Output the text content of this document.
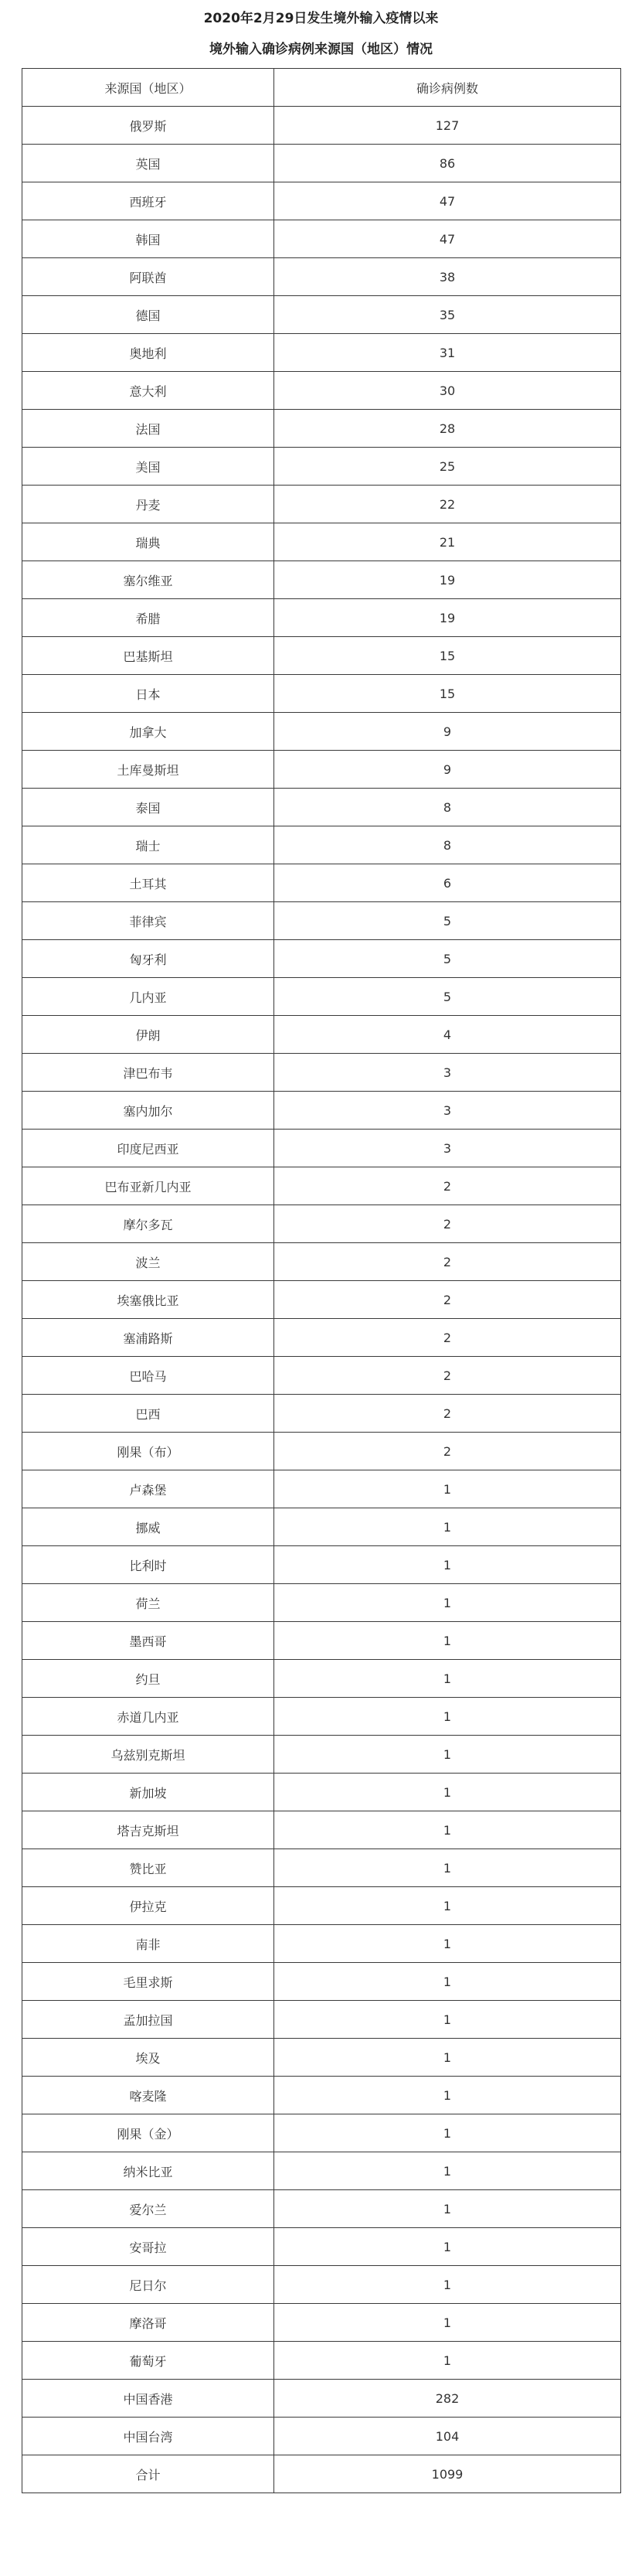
2020年2月29日发生境外输入疫情以来
境外输入确诊病例来源国（地区）情况
来源国（地区）	确诊病例数
俄罗斯	127
英国	86
西班牙	47
韩国	47
阿联酋	38
德国	35
奥地利	31
意大利	30
法国	28
美国	25
丹麦	22
瑞典	21
塞尔维亚	19
希腊	19
巴基斯坦	15
日本	15
加拿大	9
土库曼斯坦	9
泰国	8
瑞士	8
土耳其	6
菲律宾	5
匈牙利	5
几内亚	5
伊朗	4
津巴布韦	3
塞内加尔	3
印度尼西亚	3
巴布亚新几内亚	2
摩尔多瓦	2
波兰	2
埃塞俄比亚	2
塞浦路斯	2
巴哈马	2
巴西	2
刚果（布）	2
卢森堡	1
挪威	1
比利时	1
荷兰	1
墨西哥	1
约旦	1
赤道几内亚	1
乌兹别克斯坦	1
新加坡	1
塔吉克斯坦	1
赞比亚	1
伊拉克	1
南非	1
毛里求斯	1
孟加拉国	1
埃及	1
喀麦隆	1
刚果（金）	1
纳米比亚	1
爱尔兰	1
安哥拉	1
尼日尔	1
摩洛哥	1
葡萄牙	1
中国香港	282
中国台湾	104
合计	1099
